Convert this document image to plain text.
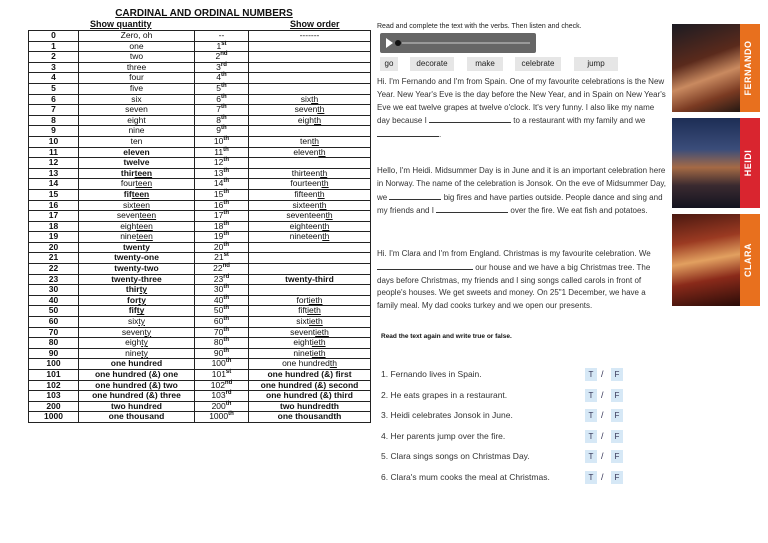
CARDINAL AND ORDINAL NUMBERS
Show quantity	Show order
0	Zero, oh	--	-------
1	one	1st	
2	two	2nd	
3	three	3rd	
4	four	4th	
5	five	5th	
6	six	6th	sixth
7	seven	7th	seventh
8	eight	8th	eighth
9	nine	9th	
10	ten	10th	tenth
11	eleven	11th	eleventh
12	twelve	12th	
13	thirteen	13th	thirteenth
14	fourteen	14th	fourteenth
15	fifteen	15th	fifteenth
16	sixteen	16th	sixteenth
17	seventeen	17th	seventeenth
18	eighteen	18th	eighteenth
19	nineteen	19th	nineteenth
20	twenty	20th	
21	twenty-one	21st	
22	twenty-two	22nd	
23	twenty-three	23rd	twenty-third
30	thirty	30th	
40	forty	40th	fortieth
50	fifty	50th	fiftieth
60	sixty	60th	sixtieth
70	seventy	70th	seventieth
80	eighty	80th	eightieth
90	ninety	90th	ninetieth
100	one hundred	100th	one hundredth
101	one hundred (&) one	101st	one hundred (&) first
102	one hundred (&) two	102nd	one hundred (&) second
103	one hundred (&) three	103rd	one hundred (&) third
200	two hundred	200th	two hundredth
1000	one thousand	1000th	one thousandth
Read and complete the text with the verbs. Then listen and check.
go	decorate	make	celebrate	jump
Hi. I'm Fernando and I'm from Spain. One of my favourite celebrations is the New Year. New Year's Eve is the day before the New Year, and in Spain on New Year's Eve we eat twelve grapes at twelve o'clock. It's very funny. I also like my name day because I	to a restaurant with my family and we .
Hello, I'm Heidi. Midsummer Day is in June and it is an important celebration here in Norway. The name of the celebration is Jonsok. On the eve of Midsummer Day, we	big fires and have parties outside. People dance and sing and my friends and I	over the fire. We eat fish and potatoes.
Hi. I'm Clara and I'm from England. Christmas is my favourite celebration. We  our house and we have a big Christmas tree. The days before Christmas, my friends and I sing songs called carols in front of people's houses. We get sweets and money. On 25"1 December, we have a family meal. My dad cooks turkey and we open our presents.
Read the text again and write true or false.
1. Fernando lives in Spain.
2. He eats grapes in a restaurant.
3. Heidi celebrates Jonsok in June.
4. Her parents jump over the fire.
5. Clara sings songs on Christmas Day.
6. Clara's mum cooks the meal at Christmas.
T /	F
T /	F
T /	F
T /	F
T /	F
T /	F
FERNANDO
HEIDI
CLARA
